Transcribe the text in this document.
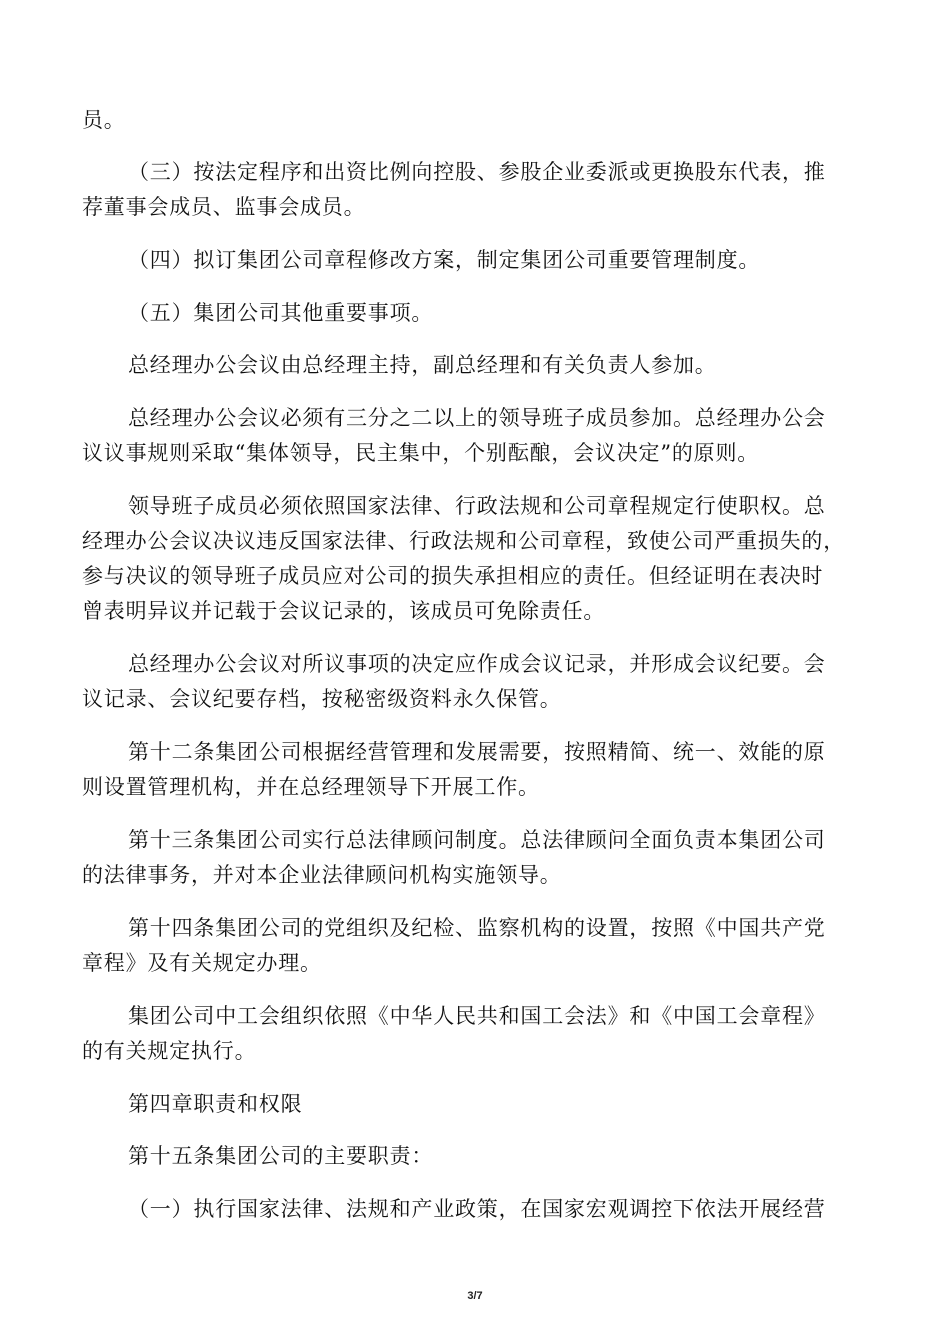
员。

（三）按法定程序和出资比例向控股、参股企业委派或更换股东代表，推
荐董事会成员、监事会成员。

（四）拟订集团公司章程修改方案，制定集团公司重要管理制度。

（五）集团公司其他重要事项。

总经理办公会议由总经理主持，副总经理和有关负责人参加。

总经理办公会议必须有三分之二以上的领导班子成员参加。总经理办公会
议议事规则采取“集体领导，民主集中，个别酝酿，会议决定”的原则。

领导班子成员必须依照国家法律、行政法规和公司章程规定行使职权。总
经理办公会议决议违反国家法律、行政法规和公司章程，致使公司严重损失的，
参与决议的领导班子成员应对公司的损失承担相应的责任。但经证明在表决时
曾表明异议并记载于会议记录的，该成员可免除责任。

总经理办公会议对所议事项的决定应作成会议记录，并形成会议纪要。会
议记录、会议纪要存档，按秘密级资料永久保管。

第十二条集团公司根据经营管理和发展需要，按照精简、统一、效能的原
则设置管理机构，并在总经理领导下开展工作。

第十三条集团公司实行总法律顾问制度。总法律顾问全面负责本集团公司
的法律事务，并对本企业法律顾问机构实施领导。

第十四条集团公司的党组织及纪检、监察机构的设置，按照《中国共产党
章程》及有关规定办理。

集团公司中工会组织依照《中华人民共和国工会法》和《中国工会章程》
的有关规定执行。

第四章职责和权限

第十五条集团公司的主要职责：

（一）执行国家法律、法规和产业政策，在国家宏观调控下依法开展经营

3/7
